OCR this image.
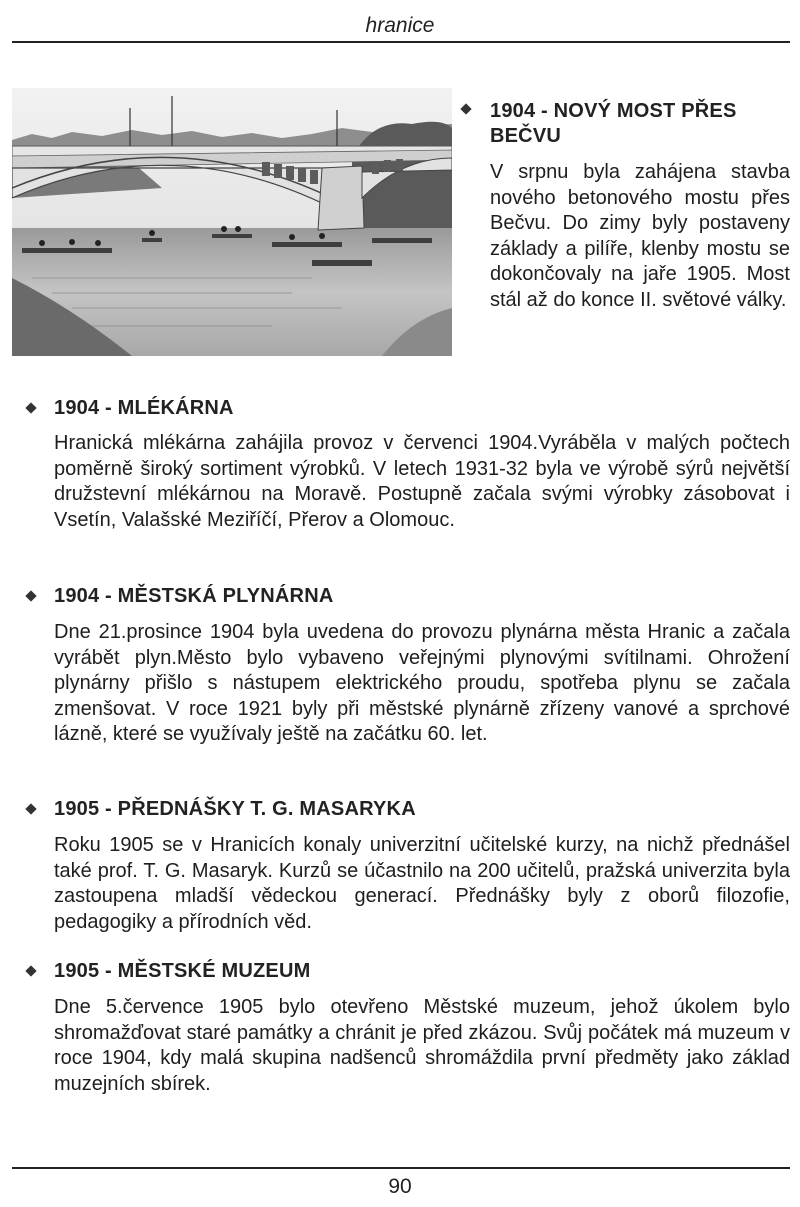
hranice
1904 - NOVÝ MOST PŘES BEČVU
V srpnu byla zahájena stavba nového betonového mostu přes Bečvu. Do zimy byly postaveny základy a pilíře, klenby mostu se dokončovaly na jaře 1905. Most stál až do konce II. světové války.
1904 - MLÉKÁRNA
Hranická mlékárna zahájila provoz v červenci 1904.Vyráběla v malých počtech poměrně široký sortiment výrobků. V letech 1931-32 byla ve výrobě sýrů největší družstevní mlékárnou na Moravě. Postupně začala svými výrobky zásobovat i Vsetín, Valašské Meziříčí, Přerov a Olomouc.
1904 - MĚSTSKÁ PLYNÁRNA
Dne 21.prosince 1904 byla uvedena do provozu plynárna města Hranic a začala vyrábět plyn.Město bylo vybaveno veřejnými plynovými svítilnami. Ohrožení plynárny přišlo s nástupem elektrického proudu, spotřeba plynu se začala zmenšovat. V roce 1921 byly při městské plynárně zřízeny vanové a sprchové lázně, které se využívaly ještě na začátku 60. let.
1905 - PŘEDNÁŠKY T. G. MASARYKA
Roku 1905 se v Hranicích konaly univerzitní učitelské kurzy, na nichž přednášel také prof. T. G. Masaryk. Kurzů se účastnilo na 200 učitelů, pražská univerzita byla zastoupena mladší vědeckou generací. Přednášky byly z oborů filozofie, pedagogiky a přírodních věd.
1905 - MĚSTSKÉ MUZEUM
Dne 5.července 1905 bylo otevřeno Městské muzeum, jehož úkolem bylo shromažďovat staré památky a chránit je před zkázou. Svůj počátek má muzeum v roce 1904, kdy malá skupina nadšenců shromáždila první předměty jako základ muzejních sbírek.
90
